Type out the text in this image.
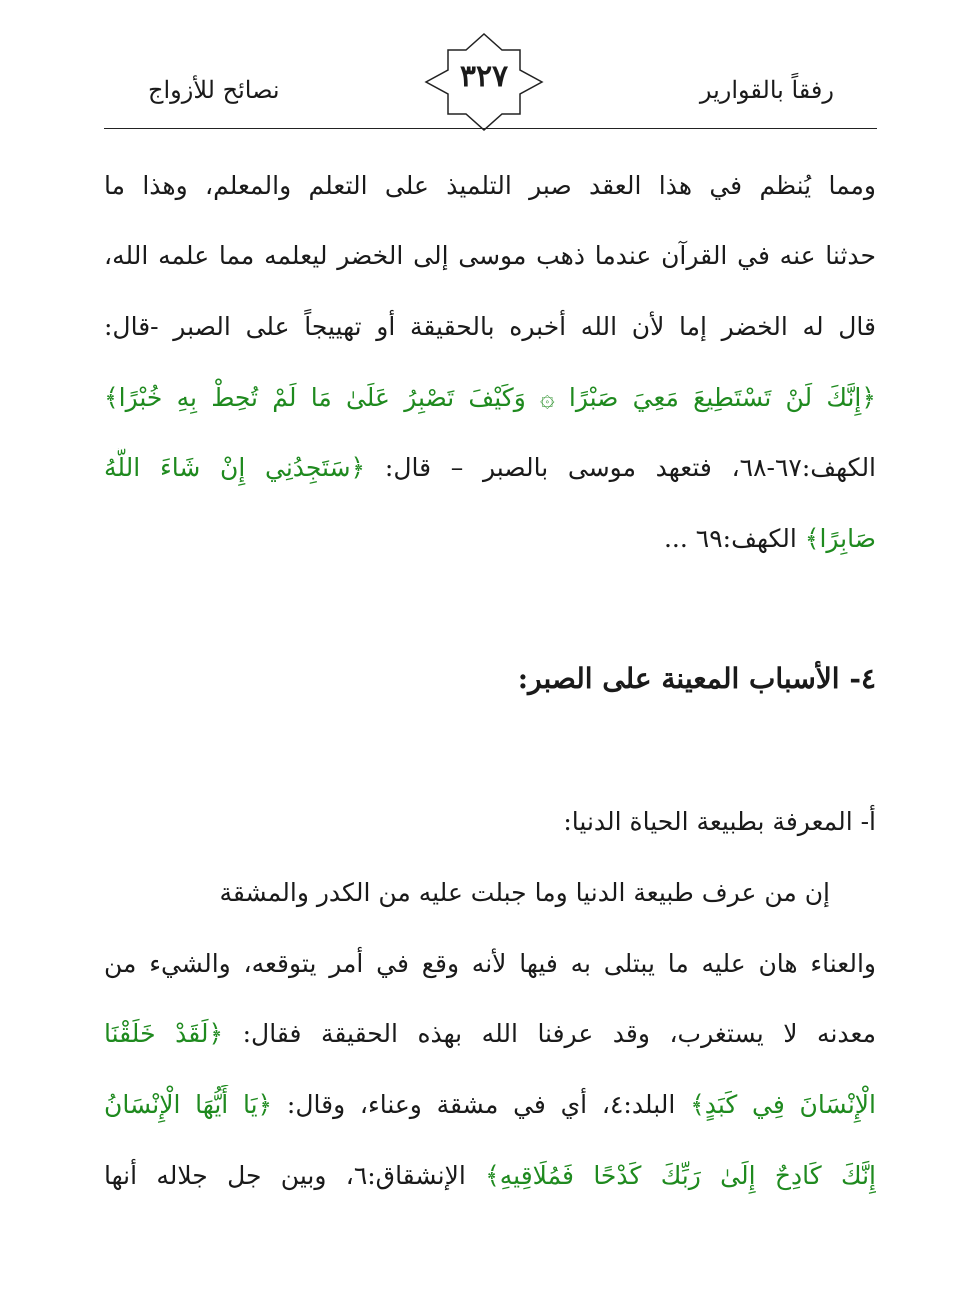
رفقاً بالقوارير
٣٢٧
نصائح للأزواج
ومما يُنظم في هذا العقد صبر التلميذ على التعلم والمعلم، وهذا ما
حدثنا عنه في القرآن عندما ذهب موسى إلى الخضر ليعلمه مما علمه الله،
قال له الخضر إما لأن الله أخبره بالحقيقة أو تهييجاً على الصبر -قال:
﴿إِنَّكَ لَنْ تَسْتَطِيعَ مَعِيَ صَبْرًا ۞ وَكَيْفَ تَصْبِرُ عَلَىٰ مَا لَمْ تُحِطْ بِهِ خُبْرًا﴾
الكهف:٦٧-٦٨، فتعهد موسى بالصبر – قال: ﴿سَتَجِدُنِي إِنْ شَاءَ اللَّهُ
صَابِرًا﴾ الكهف:٦٩ ...
٤- الأسباب المعينة على الصبر:
أ- المعرفة بطبيعة الحياة الدنيا:
إن من عرف طبيعة الدنيا وما جبلت عليه من الكدر والمشقة
والعناء هان عليه ما يبتلى به فيها لأنه وقع في أمر يتوقعه، والشيء من
معدنه لا يستغرب، وقد عرفنا الله بهذه الحقيقة فقال: ﴿لَقَدْ خَلَقْنَا
الْإِنْسَانَ فِي كَبَدٍ﴾ البلد:٤، أي في مشقة وعناء، وقال: ﴿يَا أَيُّهَا الْإِنْسَانُ
إِنَّكَ كَادِحٌ إِلَىٰ رَبِّكَ كَدْحًا فَمُلَاقِيهِ﴾ الإنشقاق:٦، وبين جل جلاله أنها
